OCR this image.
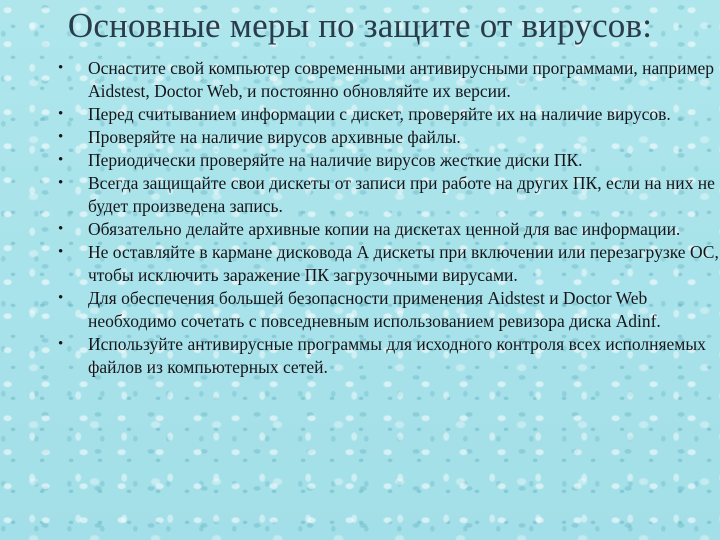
Основные меры по защите от вирусов:
• Оснастите свой компьютер современными антивирусными программами, например Aidstest, Doctor Web, и постоянно обновляйте их версии.
• Перед считыванием информации с дискет, проверяйте их на наличие вирусов.
• Проверяйте на наличие вирусов архивные файлы.
• Периодически проверяйте на наличие вирусов жесткие диски ПК.
• Всегда защищайте свои дискеты от записи при работе на других ПК, если на них не будет произведена запись.
• Обязательно делайте архивные копии на дискетах ценной для вас информации.
• Не оставляйте в кармане дисковода А дискеты при включении или перезагрузке ОС, чтобы исключить заражение ПК загрузочными вирусами.
• Для обеспечения большей безопасности применения Aidstest и Doctor Web необходимо сочетать с повседневным использованием ревизора диска Adinf.
• Используйте антивирусные программы для исходного контроля всех исполняемых файлов из компьютерных сетей.
